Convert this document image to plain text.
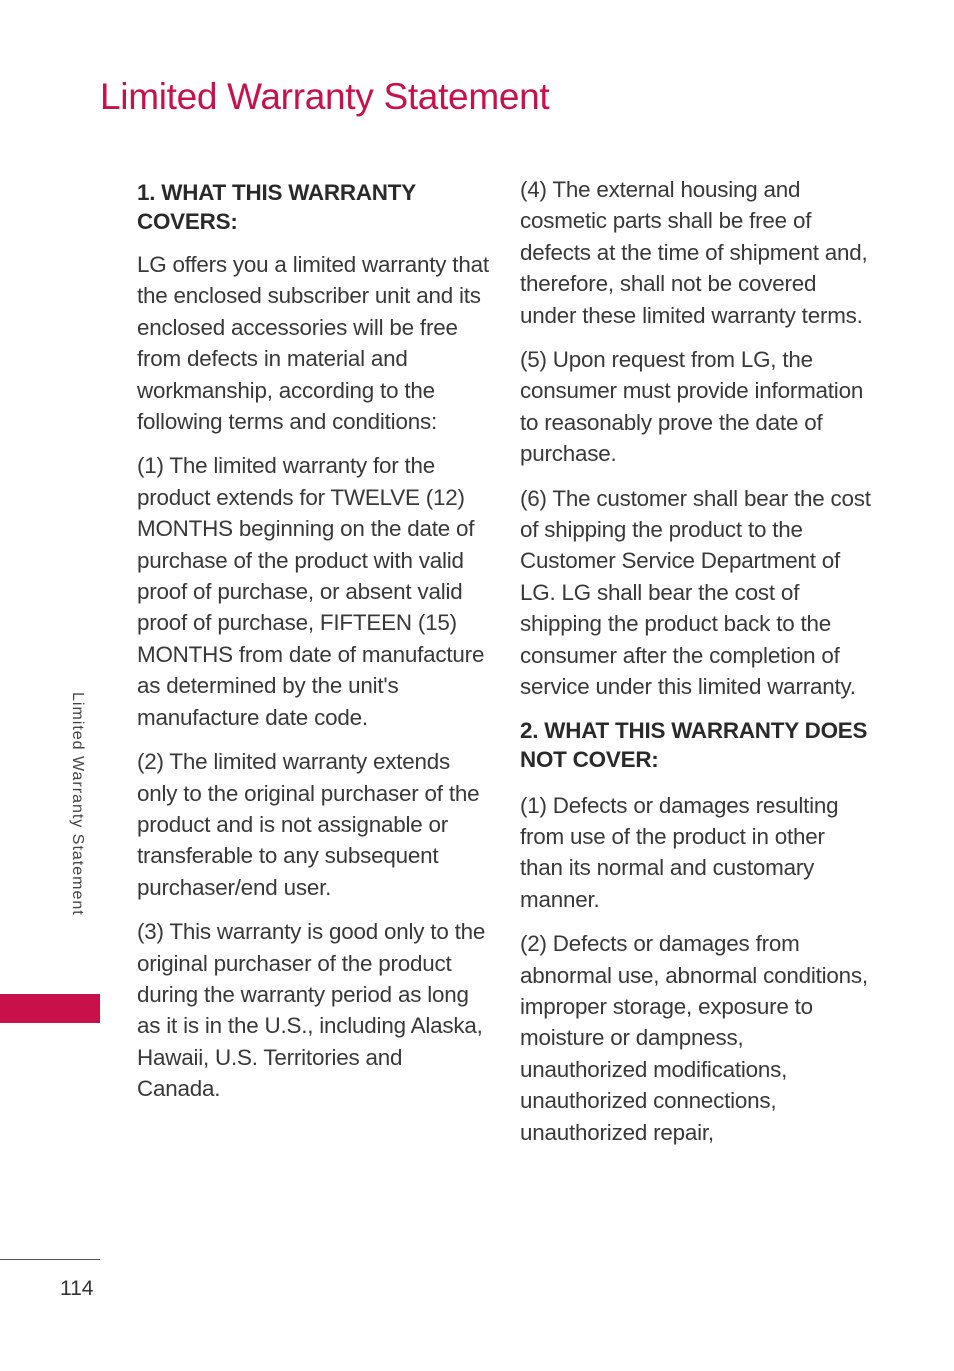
Limited Warranty Statement
1. WHAT THIS WARRANTY COVERS:

LG offers you a limited warranty that the enclosed subscriber unit and its enclosed accessories will be free from defects in material and workmanship, according to the following terms and conditions:

(1) The limited warranty for the product extends for TWELVE (12) MONTHS beginning on the date of purchase of the product with valid proof of purchase, or absent valid proof of purchase, FIFTEEN (15) MONTHS from date of manufacture as determined by the unit's manufacture date code.

(2) The limited warranty extends only to the original purchaser of the product and is not assignable or transferable to any subsequent purchaser/end user.

(3) This warranty is good only to the original purchaser of the product during the warranty period as long as it is in the U.S., including Alaska, Hawaii, U.S. Territories and Canada.

(4) The external housing and cosmetic parts shall be free of defects at the time of shipment and, therefore, shall not be covered under these limited warranty terms.

(5) Upon request from LG, the consumer must provide information to reasonably prove the date of purchase.

(6) The customer shall bear the cost of shipping the product to the Customer Service Department of LG. LG shall bear the cost of shipping the product back to the consumer after the completion of service under this limited warranty.

2. WHAT THIS WARRANTY DOES NOT COVER:

(1) Defects or damages resulting from use of the product in other than its normal and customary manner.

(2) Defects or damages from abnormal use, abnormal conditions, improper storage, exposure to moisture or dampness, unauthorized modifications, unauthorized connections, unauthorized repair,

Limited Warranty Statement
114
